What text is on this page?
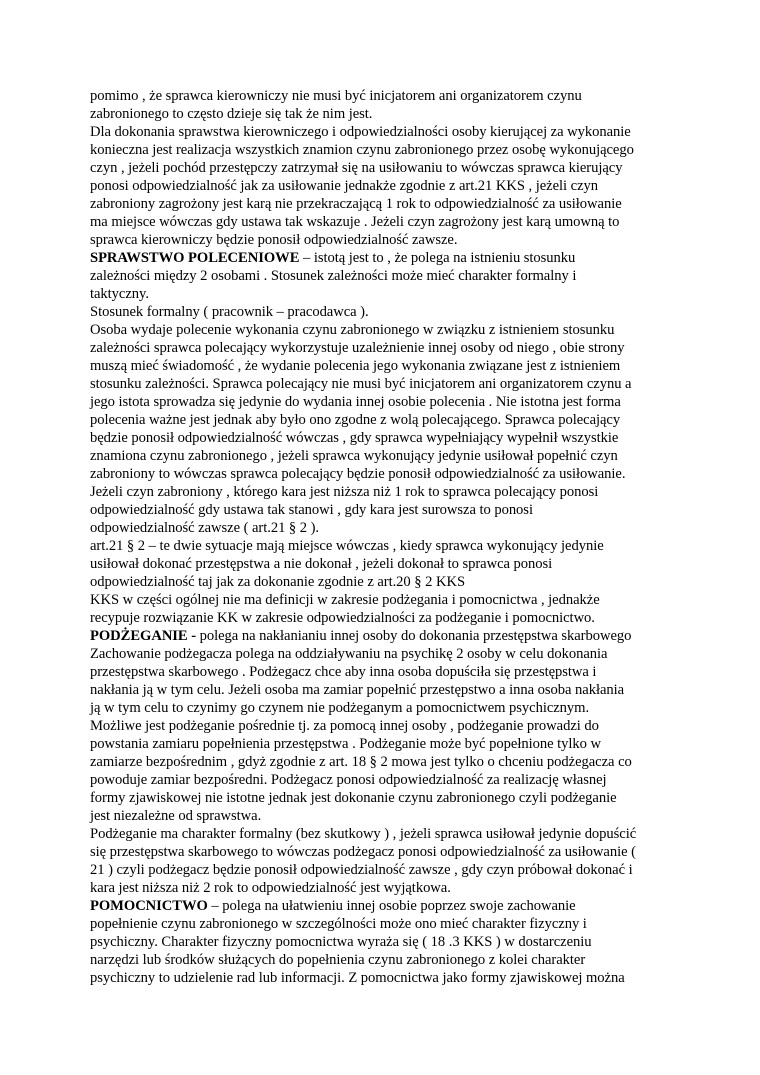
pomimo , że sprawca kierowniczy nie musi być inicjatorem ani organizatorem czynu
zabronionego to często dzieje się tak że nim jest.
Dla dokonania sprawstwa kierowniczego i odpowiedzialności osoby kierującej za wykonanie
konieczna jest realizacja wszystkich znamion czynu zabronionego przez osobę wykonującego
czyn , jeżeli pochód przestępczy zatrzymał się na usiłowaniu to wówczas sprawca kierujący
ponosi odpowiedzialność jak za usiłowanie jednakże zgodnie z art.21 KKS , jeżeli czyn
zabroniony zagrożony jest karą nie przekraczającą 1 rok to odpowiedzialność za usiłowanie
ma miejsce wówczas gdy ustawa tak wskazuje . Jeżeli czyn zagrożony jest karą umowną to
sprawca kierowniczy będzie ponosił odpowiedzialność zawsze.
SPRAWSTWO POLECENIOWE – istotą jest to , że polega na istnieniu stosunku
zależności między 2 osobami . Stosunek zależności może mieć charakter formalny i
taktyczny.
Stosunek formalny ( pracownik – pracodawca ).
Osoba wydaje polecenie wykonania czynu zabronionego w związku z istnieniem stosunku
zależności sprawca polecający wykorzystuje uzależnienie innej osoby od niego , obie strony
muszą mieć świadomość , że wydanie polecenia jego wykonania związane jest z istnieniem
stosunku zależności. Sprawca polecający nie musi być inicjatorem ani organizatorem czynu a
jego istota sprowadza się jedynie do wydania innej osobie polecenia . Nie istotna jest forma
polecenia ważne jest jednak aby było ono zgodne z wolą polecającego. Sprawca polecający
będzie ponosił odpowiedzialność wówczas , gdy sprawca wypełniający wypełnił wszystkie
znamiona czynu zabronionego , jeżeli sprawca wykonujący jedynie usiłował popełnić czyn
zabroniony to wówczas sprawca polecający będzie ponosił odpowiedzialność za usiłowanie.
Jeżeli czyn zabroniony , którego kara jest niższa niż 1 rok to sprawca polecający ponosi
odpowiedzialność gdy ustawa tak stanowi , gdy kara jest surowsza to ponosi
odpowiedzialność zawsze ( art.21 § 2 ).
art.21 § 2 – te dwie sytuacje mają miejsce wówczas , kiedy sprawca wykonujący jedynie
usiłował dokonać przestępstwa a nie dokonał , jeżeli dokonał to sprawca ponosi
odpowiedzialność taj jak za dokonanie zgodnie z art.20 § 2 KKS
KKS w części ogólnej nie ma definicji w zakresie podżegania i pomocnictwa , jednakże
recypuje rozwiązanie KK w zakresie odpowiedzialności za podżeganie i pomocnictwo.
PODŻEGANIE - polega na nakłanianiu innej osoby do dokonania przestępstwa skarbowego
Zachowanie podżegacza polega na oddziaływaniu na psychikę 2 osoby w celu dokonania
przestępstwa skarbowego . Podżegacz chce aby inna osoba dopuściła się przestępstwa i
nakłania ją w tym celu. Jeżeli osoba ma zamiar popełnić przestępstwo a inna osoba nakłania
ją w tym celu to czynimy go czynem nie podżeganym a pomocnictwem psychicznym.
Możliwe jest podżeganie pośrednie tj. za pomocą innej osoby , podżeganie prowadzi do
powstania zamiaru popełnienia przestępstwa . Podżeganie może być popełnione tylko w
zamiarze bezpośrednim , gdyż zgodnie z art. 18 § 2 mowa jest tylko o chceniu podżegacza co
powoduje zamiar bezpośredni. Podżegacz ponosi odpowiedzialność za realizację własnej
formy zjawiskowej nie istotne jednak jest dokonanie czynu zabronionego czyli podżeganie
jest niezależne od sprawstwa.
Podżeganie ma charakter formalny (bez skutkowy ) , jeżeli sprawca usiłował jedynie dopuścić
się przestępstwa skarbowego to wówczas podżegacz ponosi odpowiedzialność za usiłowanie (
21 ) czyli podżegacz będzie ponosił odpowiedzialność zawsze , gdy czyn próbował dokonać i
kara jest niższa niż 2 rok to odpowiedzialność jest wyjątkowa.
POMOCNICTWO – polega na ułatwieniu innej osobie poprzez swoje zachowanie
popełnienie czynu zabronionego w szczególności może ono mieć charakter fizyczny i
psychiczny. Charakter fizyczny pomocnictwa wyraża się ( 18 .3 KKS ) w dostarczeniu
narzędzi lub środków służących do popełnienia czynu zabronionego z kolei charakter
psychiczny to udzielenie rad lub informacji. Z pomocnictwa jako formy zjawiskowej można
